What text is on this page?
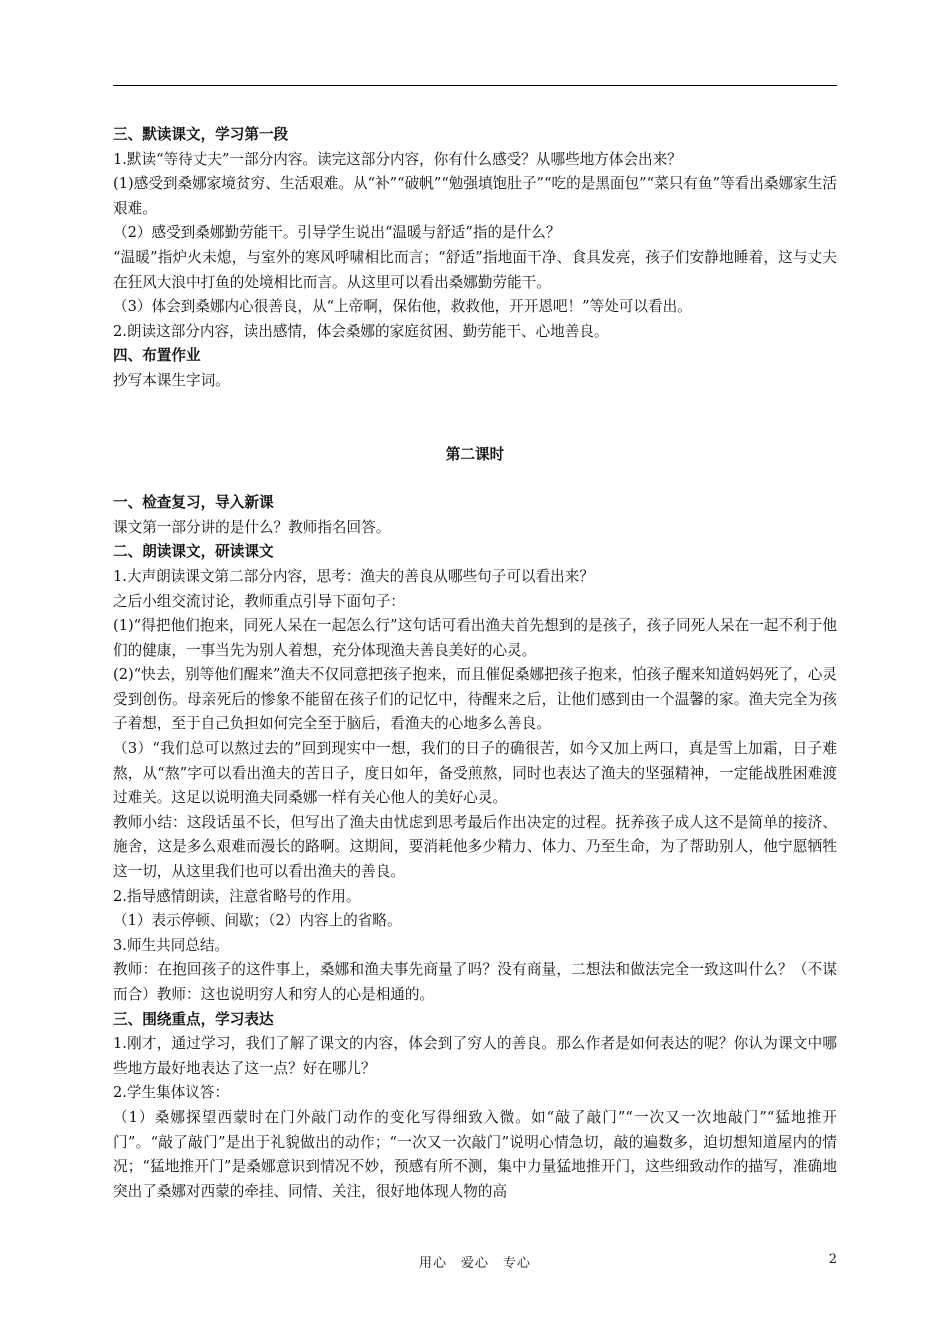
三、默读课文，学习第一段

1.默读“等待丈夫”一部分内容。读完这部分内容，你有什么感受？从哪些地方体会出来？

(1)感受到桑娜家境贫穷、生活艰难。从“补”“破帆”“勉强填饱肚子”“吃的是黑面包”“菜只有鱼”等看出桑娜家生活艰难。

（2）感受到桑娜勤劳能干。引导学生说出“温暖与舒适”指的是什么？

“温暖”指炉火未熄，与室外的寒风呼啸相比而言；“舒适”指地面干净、食具发亮，孩子们安静地睡着，这与丈夫在狂风大浪中打鱼的处境相比而言。从这里可以看出桑娜勤劳能干。

（3）体会到桑娜内心很善良，从“上帝啊，保佑他，救救他，开开恩吧！”等处可以看出。

2.朗读这部分内容，读出感情，体会桑娜的家庭贫困、勤劳能干、心地善良。

四、布置作业

抄写本课生字词。

第二课时

一、检查复习，导入新课

课文第一部分讲的是什么？教师指名回答。

二、朗读课文，研读课文

1.大声朗读课文第二部分内容，思考：渔夫的善良从哪些句子可以看出来？

之后小组交流讨论，教师重点引导下面句子：

(1)“得把他们抱来，同死人呆在一起怎么行”这句话可看出渔夫首先想到的是孩子，孩子同死人呆在一起不利于他们的健康，一事当先为别人着想，充分体现渔夫善良美好的心灵。

(2)“快去，别等他们醒来”渔夫不仅同意把孩子抱来，而且催促桑娜把孩子抱来，怕孩子醒来知道妈妈死了，心灵受到创伤。母亲死后的惨象不能留在孩子们的记忆中，待醒来之后，让他们感到由一个温馨的家。渔夫完全为孩子着想，至于自己负担如何完全至于脑后，看渔夫的心地多么善良。

（3）“我们总可以熬过去的”回到现实中一想，我们的日子的确很苦，如今又加上两口，真是雪上加霜，日子难熬，从“熬”字可以看出渔夫的苦日子，度日如年，备受煎熬，同时也表达了渔夫的坚强精神，一定能战胜困难渡过难关。这足以说明渔夫同桑娜一样有关心他人的美好心灵。

教师小结：这段话虽不长，但写出了渔夫由忧虑到思考最后作出决定的过程。抚养孩子成人这不是简单的接济、施舍，这是多么艰难而漫长的路啊。这期间，要消耗他多少精力、体力、乃至生命，为了帮助别人，他宁愿牺牲这一切，从这里我们也可以看出渔夫的善良。

2.指导感情朗读，注意省略号的作用。

（1）表示停顿、间歇；（2）内容上的省略。

3.师生共同总结。

教师：在抱回孩子的这件事上，桑娜和渔夫事先商量了吗？没有商量，二想法和做法完全一致这叫什么？（不谋而合）教师：这也说明穷人和穷人的心是相通的。

三、围绕重点，学习表达

1.刚才，通过学习，我们了解了课文的内容，体会到了穷人的善良。那么作者是如何表达的呢？你认为课文中哪些地方最好地表达了这一点？好在哪儿？

2.学生集体议答：

（1）桑娜探望西蒙时在门外敲门动作的变化写得细致入微。如“敲了敲门”“一次又一次地敲门”“猛地推开门”。“敲了敲门”是出于礼貌做出的动作；“一次又一次敲门”说明心情急切，敲的遍数多，迫切想知道屋内的情况；“猛地推开门”是桑娜意识到情况不妙，预感有所不测，集中力量猛地推开门，这些细致动作的描写，准确地突出了桑娜对西蒙的牵挂、同情、关注，很好地体现人物的高

用心　爱心　专心	2
